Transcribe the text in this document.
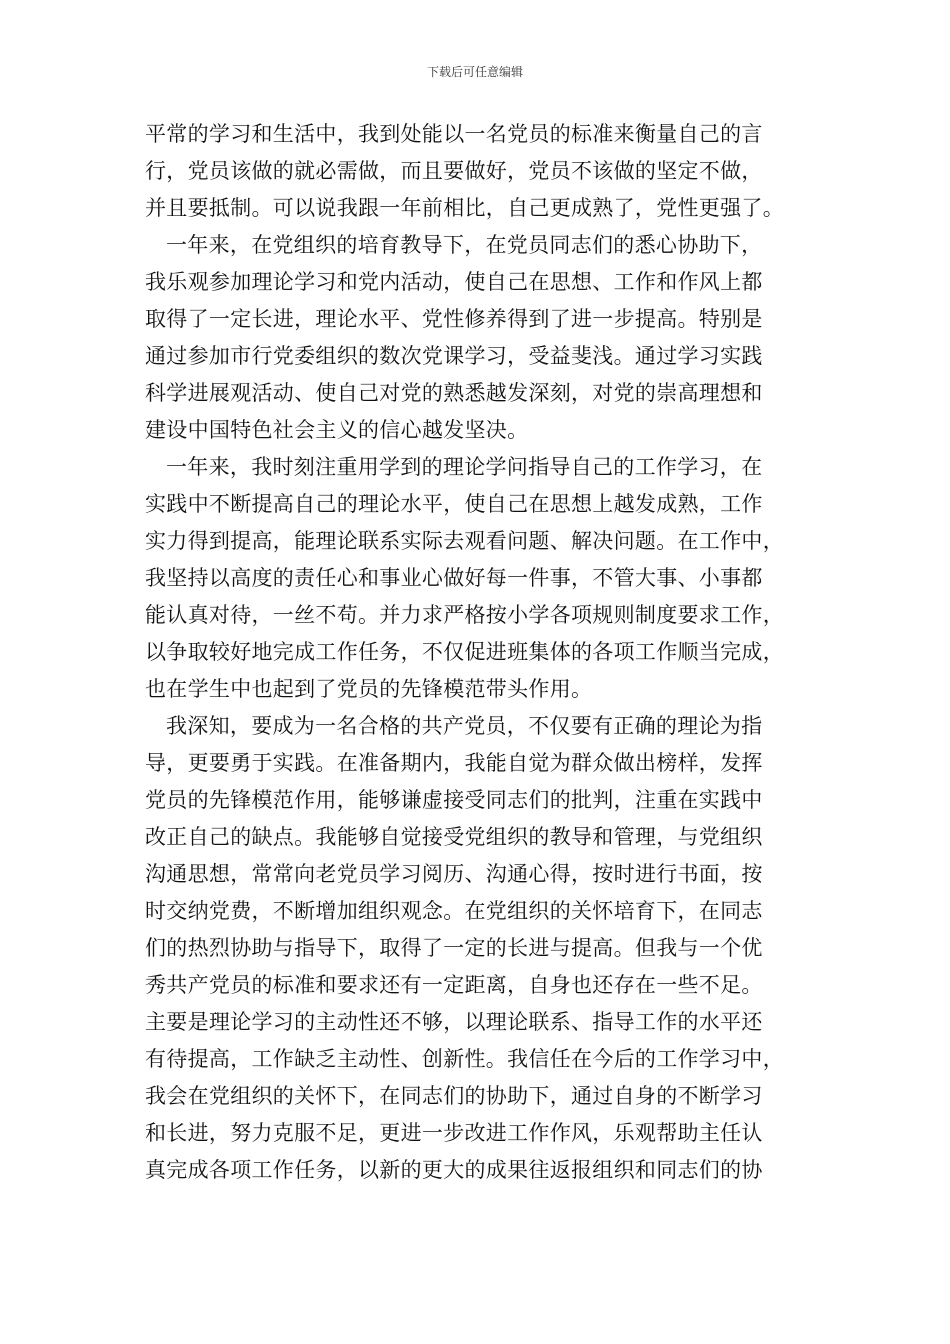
下载后可任意编辑
平常的学习和生活中，我到处能以一名党员的标准来衡量自己的言
行，党员该做的就必需做，而且要做好，党员不该做的坚定不做，
并且要抵制。可以说我跟一年前相比，自己更成熟了，党性更强了。
一年来，在党组织的培育教导下，在党员同志们的悉心协助下，
我乐观参加理论学习和党内活动，使自己在思想、工作和作风上都
取得了一定长进，理论水平、党性修养得到了进一步提高。特别是
通过参加市行党委组织的数次党课学习，受益斐浅。通过学习实践
科学进展观活动、使自己对党的熟悉越发深刻，对党的崇高理想和
建设中国特色社会主义的信心越发坚决。
一年来，我时刻注重用学到的理论学问指导自己的工作学习，在
实践中不断提高自己的理论水平，使自己在思想上越发成熟，工作
实力得到提高，能理论联系实际去观看问题、解决问题。在工作中，
我坚持以高度的责任心和事业心做好每一件事，不管大事、小事都
能认真对待，一丝不苟。并力求严格按小学各项规则制度要求工作，
以争取较好地完成工作任务，不仅促进班集体的各项工作顺当完成，
也在学生中也起到了党员的先锋模范带头作用。
我深知，要成为一名合格的共产党员，不仅要有正确的理论为指
导，更要勇于实践。在准备期内，我能自觉为群众做出榜样，发挥
党员的先锋模范作用，能够谦虚接受同志们的批判，注重在实践中
改正自己的缺点。我能够自觉接受党组织的教导和管理，与党组织
沟通思想，常常向老党员学习阅历、沟通心得，按时进行书面，按
时交纳党费，不断增加组织观念。在党组织的关怀培育下，在同志
们的热烈协助与指导下，取得了一定的长进与提高。但我与一个优
秀共产党员的标准和要求还有一定距离，自身也还存在一些不足。
主要是理论学习的主动性还不够，以理论联系、指导工作的水平还
有待提高，工作缺乏主动性、创新性。我信任在今后的工作学习中，
我会在党组织的关怀下，在同志们的协助下，通过自身的不断学习
和长进，努力克服不足，更进一步改进工作作风，乐观帮助主任认
真完成各项工作任务，以新的更大的成果往返报组织和同志们的协
